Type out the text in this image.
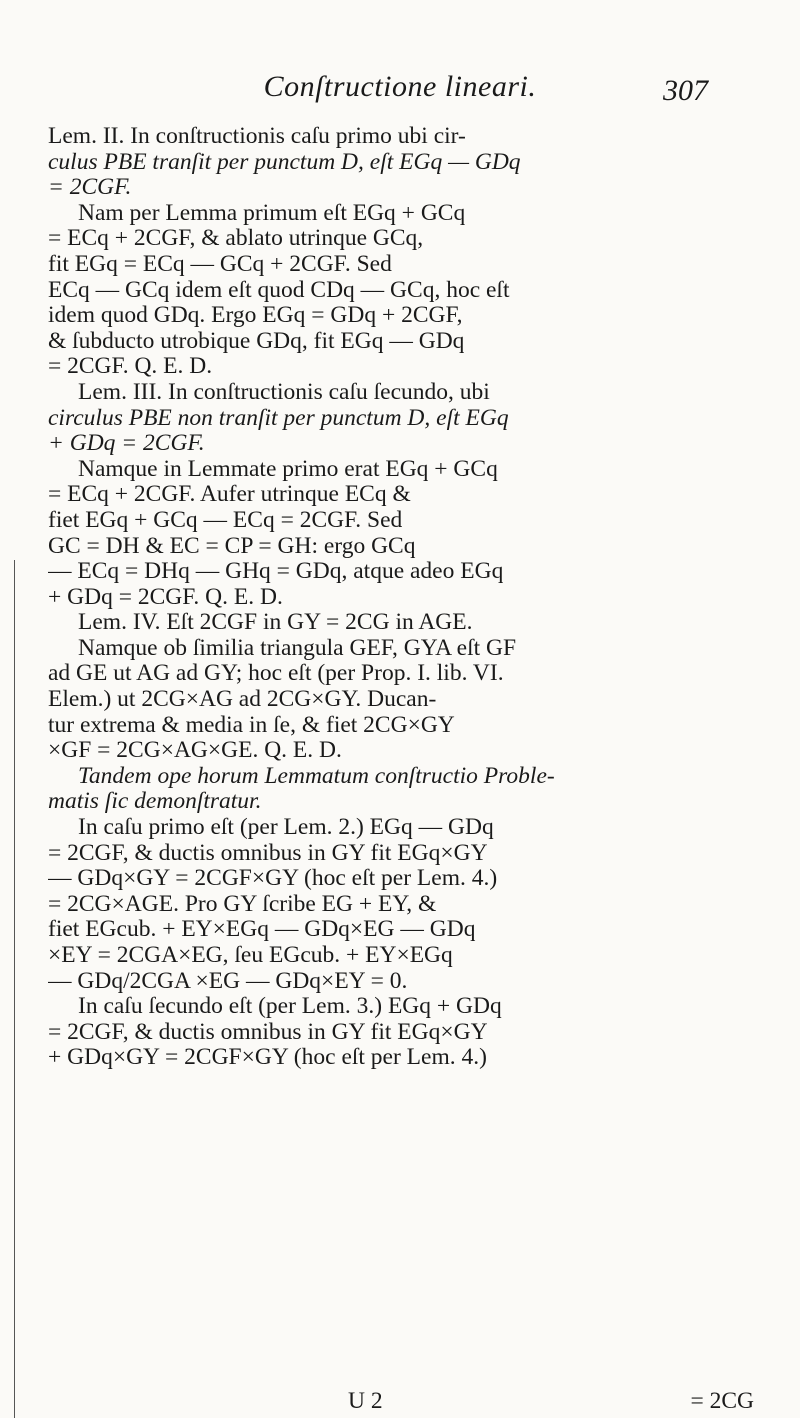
Conſtructione lineari.	307
Lem. II. In conſtructionis caſu primo ubi cir-
culus PBE tranſit per punctum D, eſt EGq — GDq
= 2CGF.
Nam per Lemma primum eſt EGq + GCq
= ECq + 2CGF, & ablato utrinque GCq,
fit EGq = ECq — GCq + 2CGF. Sed
ECq — GCq idem eſt quod CDq — GCq, hoc eſt
idem quod GDq. Ergo EGq = GDq + 2CGF,
& ſubducto utrobique GDq, fit EGq — GDq
= 2CGF. Q. E. D.
Lem. III. In conſtructionis caſu ſecundo, ubi
circulus PBE non tranſit per punctum D, eſt EGq
+ GDq = 2CGF.
Namque in Lemmate primo erat EGq + GCq
= ECq + 2CGF. Aufer utrinque ECq &
fiet EGq + GCq — ECq = 2CGF. Sed
GC = DH & EC = CP = GH: ergo GCq
— ECq = DHq — GHq = GDq, atque adeo EGq
+ GDq = 2CGF. Q. E. D.
Lem. IV. Eſt 2CGF in GY = 2CG in AGE.
Namque ob ſimilia triangula GEF, GYA eſt GF
ad GE ut AG ad GY; hoc eſt (per Prop. I. lib. VI.
Elem.) ut 2CG×AG ad 2CG×GY. Ducan-
tur extrema & media in ſe, & fiet 2CG×GY
×GF = 2CG×AG×GE. Q. E. D.
Tandem ope horum Lemmatum conſtructio Proble-
matis ſic demonſtratur.
In caſu primo eſt (per Lem. 2.) EGq — GDq
= 2CGF, & ductis omnibus in GY fit EGq×GY
— GDq×GY = 2CGF×GY (hoc eſt per Lem. 4.)
= 2CG×AGE. Pro GY ſcribe EG + EY, &
fiet EGcub. + EY×EGq — GDq×EG — GDq
×EY = 2CGA×EG, ſeu EGcub. + EY×EGq
— GDq/2CGA ×EG — GDq×EY = 0.
In caſu ſecundo eſt (per Lem. 3.) EGq + GDq
= 2CGF, & ductis omnibus in GY fit EGq×GY
+ GDq×GY = 2CGF×GY (hoc eſt per Lem. 4.)
U 2	= 2CG
